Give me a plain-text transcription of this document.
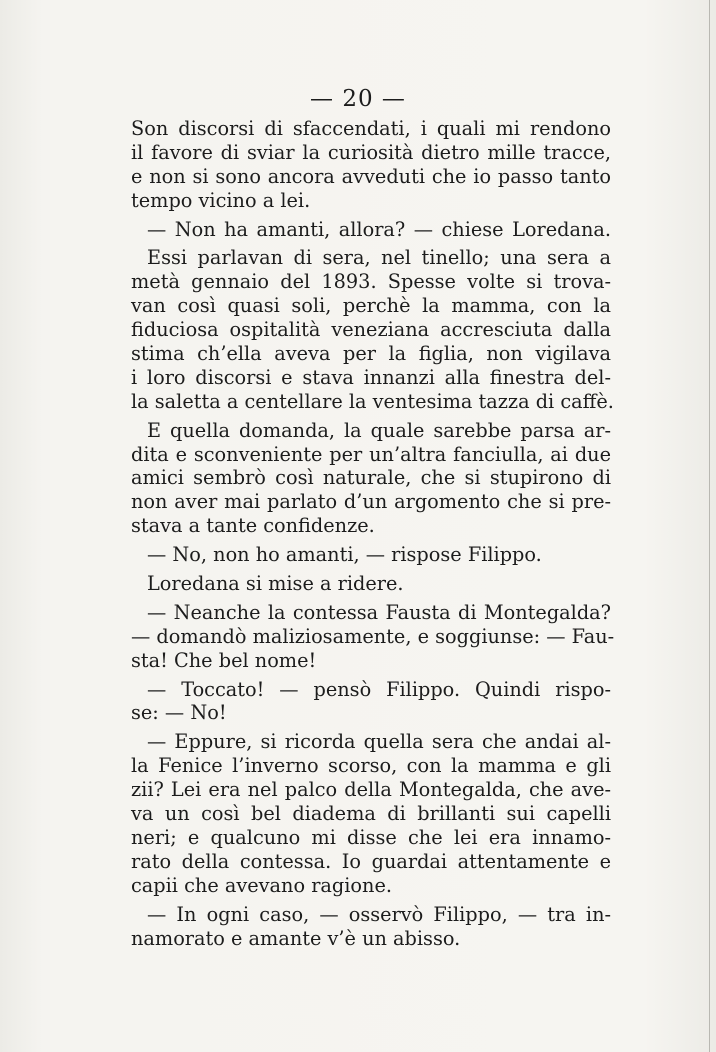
— 20 —
Son discorsi di sfaccendati, i quali mi rendono
il favore di sviar la curiosità dietro mille tracce,
e non si sono ancora avveduti che io passo tanto
tempo vicino a lei.
— Non ha amanti, allora? — chiese Loredana.
Essi parlavan di sera, nel tinello; una sera a
metà gennaio del 1893. Spesse volte si trova-
van così quasi soli, perchè la mamma, con la
fiduciosa ospitalità veneziana accresciuta dalla
stima ch’ella aveva per la figlia, non vigilava
i loro discorsi e stava innanzi alla finestra del-
la saletta a centellare la ventesima tazza di caffè.
E quella domanda, la quale sarebbe parsa ar-
dita e sconveniente per un’altra fanciulla, ai due
amici sembrò così naturale, che si stupirono di
non aver mai parlato d’un argomento che si pre-
stava a tante confidenze.
— No, non ho amanti, — rispose Filippo.
Loredana si mise a ridere.
— Neanche la contessa Fausta di Montegalda?
— domandò maliziosamente, e soggiunse: — Fau-
sta! Che bel nome!
— Toccato! — pensò Filippo. Quindi rispo-
se: — No!
— Eppure, si ricorda quella sera che andai al-
la Fenice l’inverno scorso, con la mamma e gli
zii? Lei era nel palco della Montegalda, che ave-
va un così bel diadema di brillanti sui capelli
neri; e qualcuno mi disse che lei era innamo-
rato della contessa. Io guardai attentamente e
capii che avevano ragione.
— In ogni caso, — osservò Filippo, — tra in-
namorato e amante v’è un abisso.
